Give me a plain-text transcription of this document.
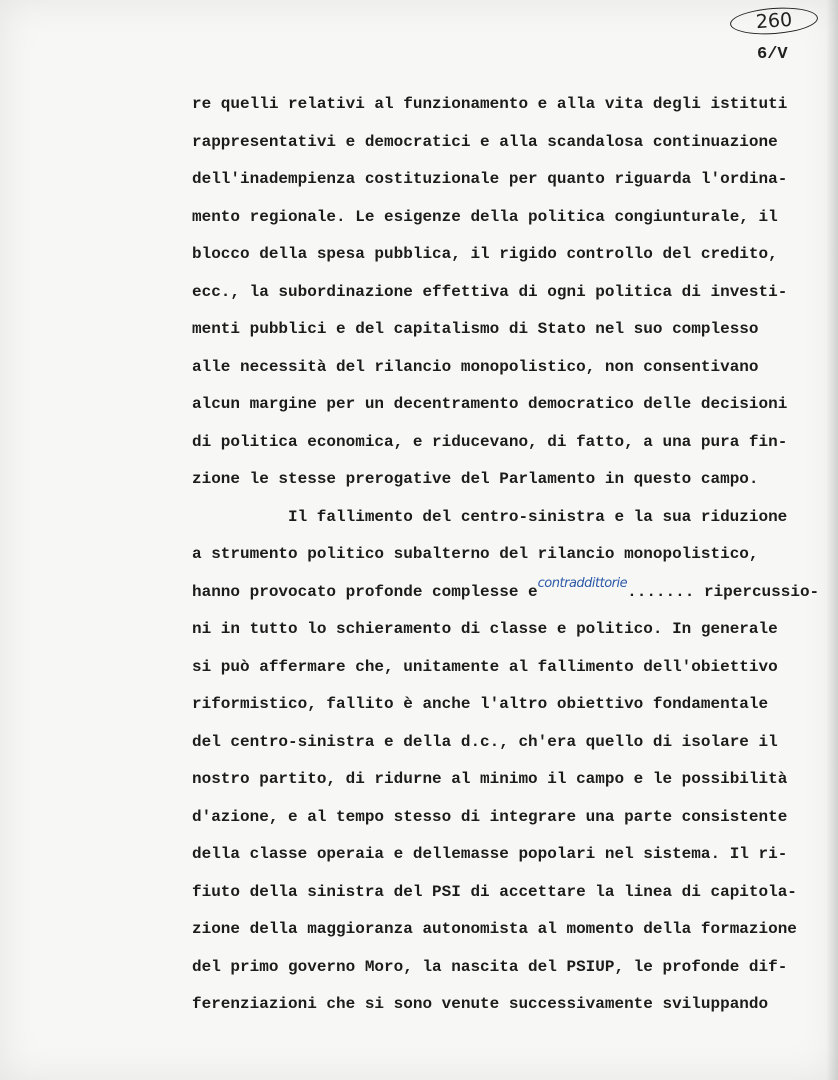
260
6/V
re quelli relativi al funzionamento e alla vita degli istituti
rappresentativi e democratici e alla scandalosa continuazione
dell'inadempienza costituzionale per quanto riguarda l'ordina-
mento regionale. Le esigenze della politica congiunturale, il
blocco della spesa pubblica, il rigido controllo del credito,
ecc., la subordinazione effettiva di ogni politica di investi-
menti pubblici e del capitalismo di Stato nel suo complesso
alle necessità del rilancio monopolistico, non consentivano
alcun margine per un decentramento democratico delle decisioni
di politica economica, e riducevano, di fatto, a una pura fin-
zione le stesse prerogative del Parlamento in questo campo.
Il fallimento del centro-sinistra e la sua riduzione
a strumento politico subalterno del rilancio monopolistico,
hanno provocato profonde complesse $e^{contraddittorie}$....... ripercussio-
ni in tutto lo schieramento di classe e politico. In generale
si può affermare che, unitamente al fallimento dell'obiettivo
riformistico, fallito è anche l'altro obiettivo fondamentale
del centro-sinistra e della d.c., ch'era quello di isolare il
nostro partito, di ridurne al minimo il campo e le possibilità
d'azione, e al tempo stesso di integrare una parte consistente
della classe operaia e dellemasse popolari nel sistema. Il ri-
fiuto della sinistra del PSI di accettare la linea di capitola-
zione della maggioranza autonomista al momento della formazione
del primo governo Moro, la nascita del PSIUP, le profonde dif-
ferenziazioni che si sono venute successivamente sviluppando
